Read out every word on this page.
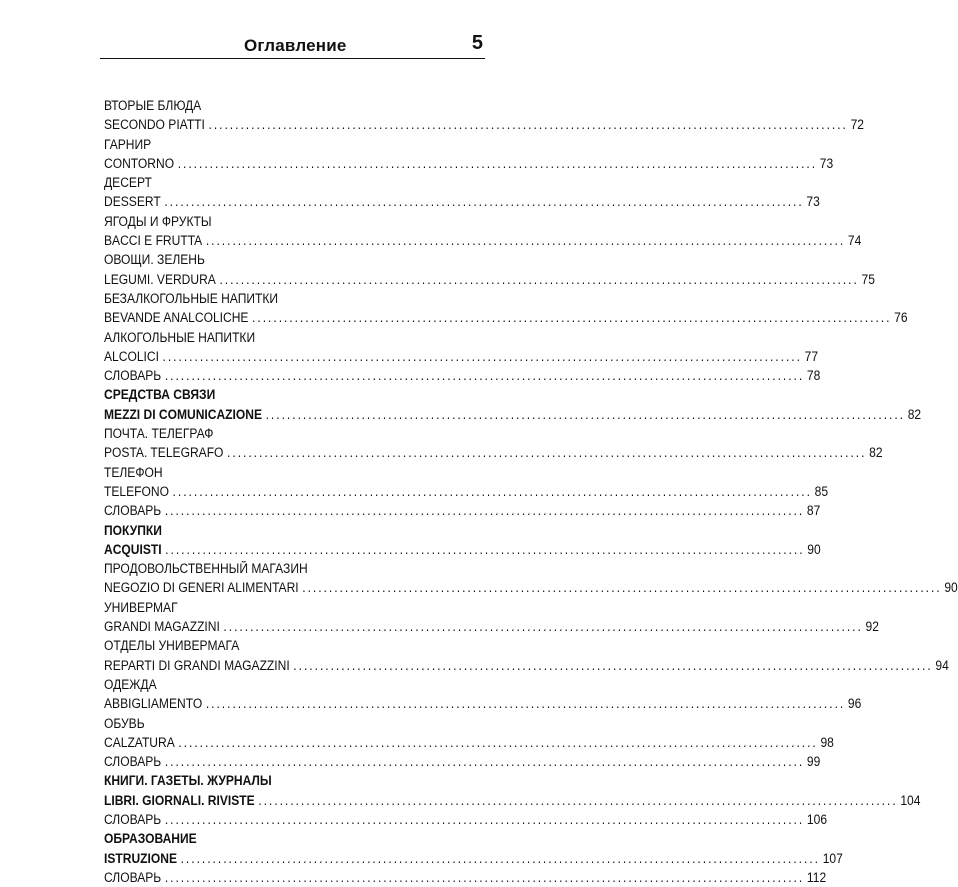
Оглавление	5
ВТОРЫЕ БЛЮДА
SECONDO PIATTI ........................................................................................................................ 72
ГАРНИР
CONTORNO ........................................................................................................................ 73
ДЕСЕРТ
DESSERT ........................................................................................................................ 73
ЯГОДЫ И ФРУКТЫ
BACCI E FRUTTA ........................................................................................................................ 74
ОВОЩИ. ЗЕЛЕНЬ
LEGUMI. VERDURA ........................................................................................................................ 75
БЕЗАЛКОГОЛЬНЫЕ НАПИТКИ
BEVANDE ANALCOLICHE ........................................................................................................................ 76
АЛКОГОЛЬНЫЕ НАПИТКИ
ALCOLICI ........................................................................................................................ 77
СЛОВАРЬ ........................................................................................................................ 78
СРЕДСТВА СВЯЗИ
MEZZI DI COMUNICAZIONE ........................................................................................................................ 82
ПОЧТА. ТЕЛЕГРАФ
POSTA. TELEGRAFO ........................................................................................................................ 82
ТЕЛЕФОН
TELEFONO ........................................................................................................................ 85
СЛОВАРЬ ........................................................................................................................ 87
ПОКУПКИ
ACQUISTI ........................................................................................................................ 90
ПРОДОВОЛЬСТВЕННЫЙ МАГАЗИН
NEGOZIO DI GENERI ALIMENTARI ........................................................................................................................ 90
УНИВЕРМАГ
GRANDI MAGAZZINI ........................................................................................................................ 92
ОТДЕЛЫ УНИВЕРМАГА
REPARTI DI GRANDI MAGAZZINI ........................................................................................................................ 94
ОДЕЖДА
ABBIGLIAMENTO ........................................................................................................................ 96
ОБУВЬ
CALZATURA ........................................................................................................................ 98
СЛОВАРЬ ........................................................................................................................ 99
КНИГИ. ГАЗЕТЫ. ЖУРНАЛЫ
LIBRI. GIORNALI. RIVISTE ........................................................................................................................ 104
СЛОВАРЬ ........................................................................................................................ 106
ОБРАЗОВАНИЕ
ISTRUZIONE ........................................................................................................................ 107
СЛОВАРЬ ........................................................................................................................ 112
